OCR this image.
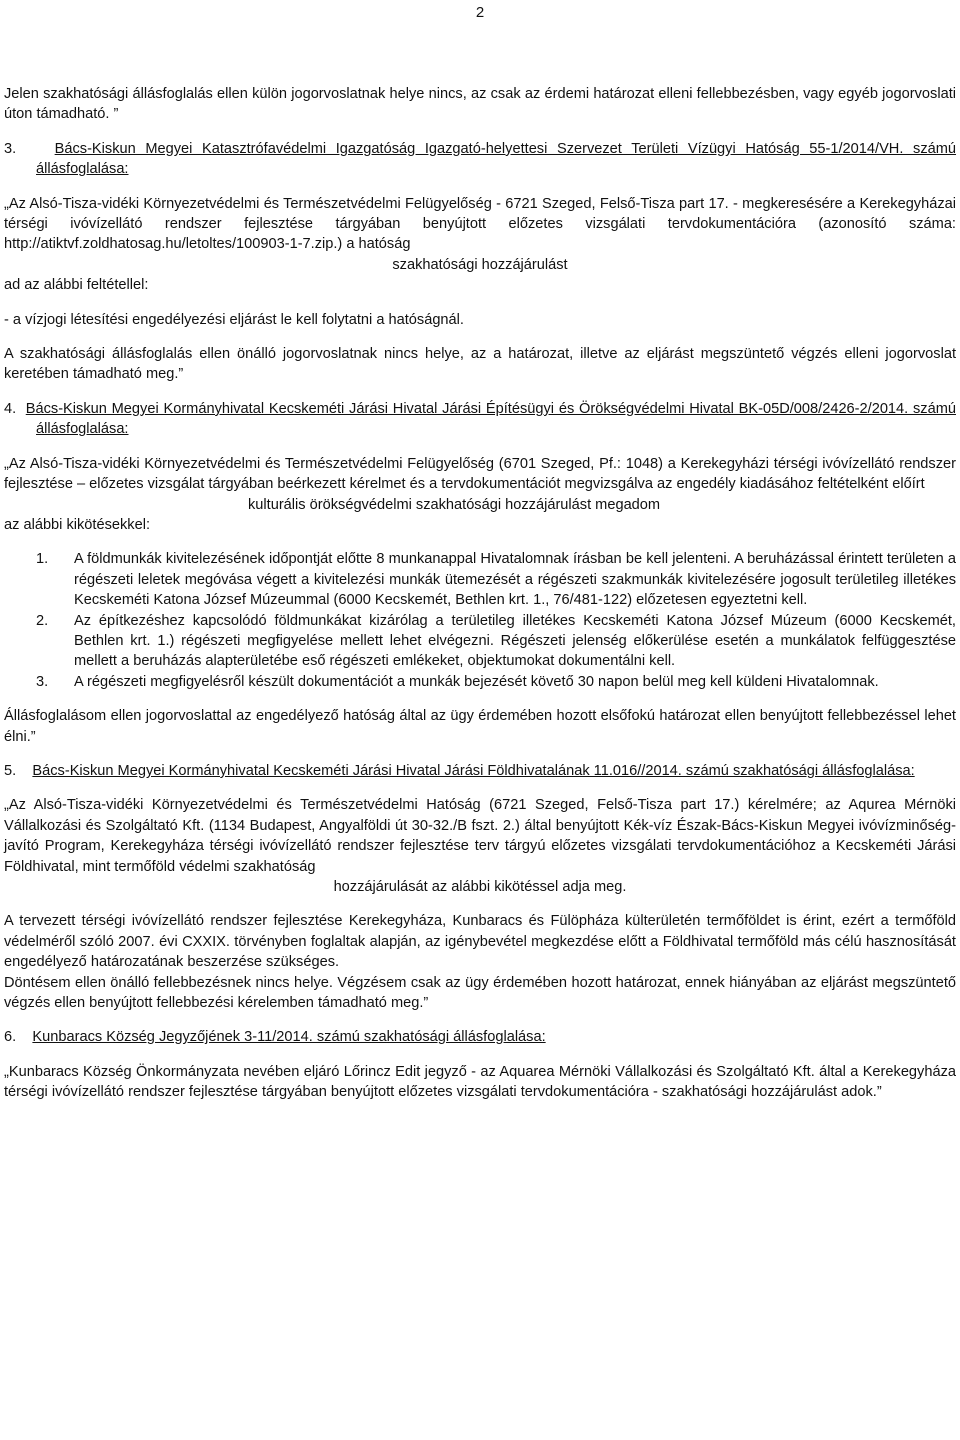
2

Jelen szakhatósági állásfoglalás ellen külön jogorvoslatnak helye nincs, az csak az érdemi határozat elleni fellebbezésben, vagy egyéb jogorvoslati úton támadható. ”

3.	Bács-Kiskun Megyei Katasztrófavédelmi Igazgatóság Igazgató-helyettesi Szervezet Területi Vízügyi Hatóság 55-1/2014/VH. számú állásfoglalása:

„Az Alsó-Tisza-vidéki Környezetvédelmi és Természetvédelmi Felügyelőség - 6721 Szeged, Felső-Tisza part 17. - megkeresésére a Kerekegyházai térségi ivóvízellátó rendszer fejlesztése tárgyában benyújtott előzetes vizsgálati tervdokumentációra (azonosító száma: http://atiktvf.zoldhatosag.hu/letoltes/100903-1-7.zip.) a hatóság

szakhatósági hozzájárulást

ad az alábbi feltétellel:

- a vízjogi létesítési engedélyezési eljárást le kell folytatni a hatóságnál.

A szakhatósági állásfoglalás ellen önálló jogorvoslatnak nincs helye, az a határozat, illetve az eljárást megszüntető végzés elleni jogorvoslat keretében támadható meg.”

4. Bács-Kiskun Megyei Kormányhivatal Kecskeméti Járási Hivatal Járási Építésügyi és Örökségvédelmi Hivatal BK-05D/008/2426-2/2014. számú állásfoglalása:

„Az Alsó-Tisza-vidéki Környezetvédelmi és Természetvédelmi Felügyelőség (6701 Szeged, Pf.: 1048) a Kerekegyházi térségi ivóvízellátó rendszer fejlesztése – előzetes vizsgálat tárgyában beérkezett kérelmet és a tervdokumentációt megvizsgálva az engedély kiadásához feltételként előírt

kulturális örökségvédelmi szakhatósági hozzájárulást megadom

az alábbi kikötésekkel:

1. A földmunkák kivitelezésének időpontját előtte 8 munkanappal Hivatalomnak írásban be kell jelenteni. A beruházással érintett területen a régészeti leletek megóvása végett a kivitelezési munkák ütemezését a régészeti szakmunkák kivitelezésére jogosult területileg illetékes Kecskeméti Katona József Múzeummal (6000 Kecskemét, Bethlen krt. 1., 76/481-122) előzetesen egyeztetni kell.
2. Az építkezéshez kapcsolódó földmunkákat kizárólag a területileg illetékes Kecskeméti Katona József Múzeum (6000 Kecskemét, Bethlen krt. 1.) régészeti megfigyelése mellett lehet elvégezni. Régészeti jelenség előkerülése esetén a munkálatok felfüggesztése mellett a beruházás alapterületébe eső régészeti emlékeket, objektumokat dokumentálni kell.
3. A régészeti megfigyelésről készült dokumentációt a munkák bejezését követő 30 napon belül meg kell küldeni Hivatalomnak.

Állásfoglalásom ellen jogorvoslattal az engedélyező hatóság által az ügy érdemében hozott elsőfokú határozat ellen benyújtott fellebbezéssel lehet élni.”

5. Bács-Kiskun Megyei Kormányhivatal Kecskeméti Járási Hivatal Járási Földhivatalának 11.016//2014. számú szakhatósági állásfoglalása:

„Az Alsó-Tisza-vidéki Környezetvédelmi és Természetvédelmi Hatóság (6721 Szeged, Felső-Tisza part 17.) kérelmére; az Aqurea Mérnöki Vállalkozási és Szolgáltató Kft. (1134 Budapest, Angyalföldi út 30-32./B fszt. 2.) által benyújtott Kék-víz Észak-Bács-Kiskun Megyei ivóvízminőség-javító Program, Kerekegyháza térségi ivóvízellátó rendszer fejlesztése terv tárgyú előzetes vizsgálati tervdokumentációhoz a Kecskeméti Járási Földhivatal, mint termőföld védelmi szakhatóság

hozzájárulását az alábbi kikötéssel adja meg.

A tervezett térségi ivóvízellátó rendszer fejlesztése Kerekegyháza, Kunbaracs és Fülöpháza külterületén termőföldet is érint, ezért a termőföld védelméről szóló 2007. évi CXXIX. törvényben foglaltak alapján, az igénybevétel megkezdése előtt a Földhivatal termőföld más célú hasznosítását engedélyező határozatának beszerzése szükséges.

Döntésem ellen önálló fellebbezésnek nincs helye. Végzésem csak az ügy érdemében hozott határozat, ennek hiányában az eljárást megszüntető végzés ellen benyújtott fellebbezési kérelemben támadható meg.”

6. Kunbaracs Község Jegyzőjének 3-11/2014. számú szakhatósági állásfoglalása:

„Kunbaracs Község Önkormányzata nevében eljáró Lőrincz Edit jegyző - az Aquarea Mérnöki Vállalkozási és Szolgáltató Kft. által a Kerekegyháza térségi ivóvízellátó rendszer fejlesztése tárgyában benyújtott előzetes vizsgálati tervdokumentációra - szakhatósági hozzájárulást adok.”
